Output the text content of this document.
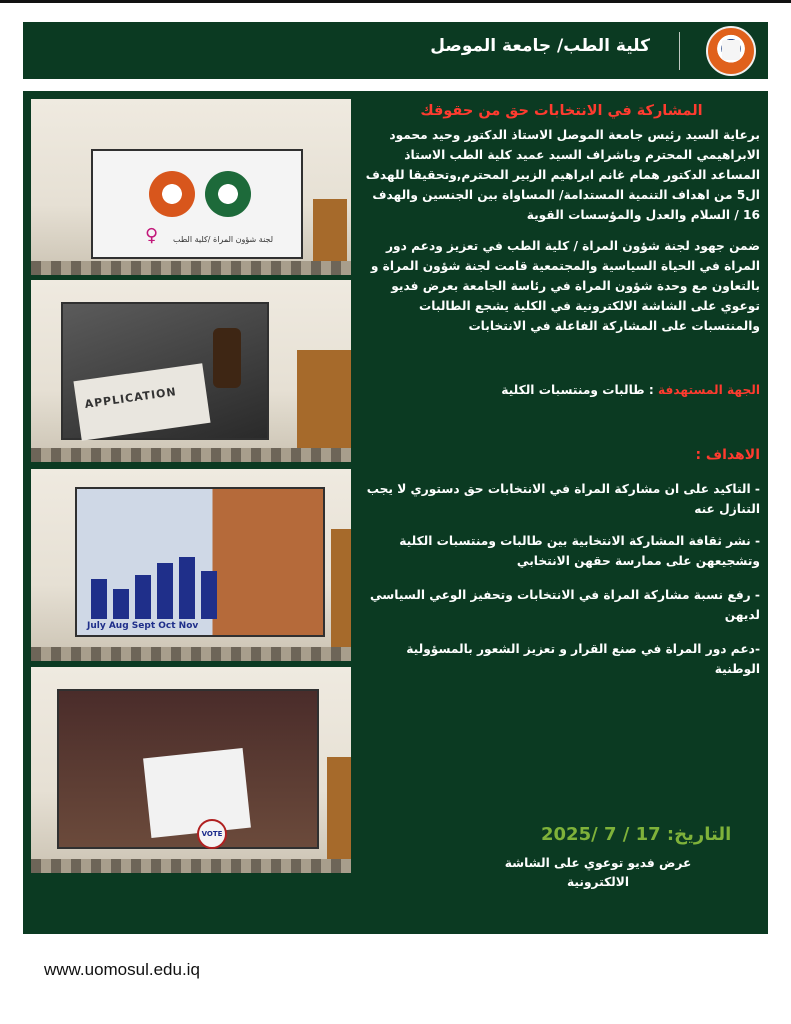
كلية الطب/ جامعة الموصل
♀ لجنة شؤون المراة /كلية الطب
APPLICATION
July Aug Sept Oct Nov
VOTE
المشاركة في الانتخابات حق من حقوقك
برعاية السيد رئيس جامعة الموصل الاستاذ الدكتور وحيد محمود الابراهيمي المحترم وباشراف السيد عميد كلية الطب الاستاذ المساعد الدكتور همام غانم ابراهيم الزبير المحترم,وتحقيقا للهدف ال5 من اهداف التنمية المستدامة/ المساواة بين الجنسين والهدف 16 / السلام والعدل والمؤسسات القوية
ضمن جهود لجنة شؤون المراة / كلية الطب في تعزيز ودعم دور المراة في الحياة السياسية والمجتمعية قامت لجنة شؤون المراة و بالتعاون مع وحدة شؤون المراة في رئاسة الجامعة بعرض فديو توعوي على الشاشة الالكترونية في الكلية يشجع الطالبات والمنتسبات على المشاركة الفاعلة في الانتخابات
الجهة المستهدفة : طالبات ومنتسبات الكلية
الاهداف :
- التاكيد على ان مشاركة المراة في الانتخابات حق دستوري لا يجب التنازل عنه
- نشر ثقافة المشاركة الانتخابية بين طالبات ومنتسبات الكلية وتشجيعهن على ممارسة حقهن الانتخابي
- رفع نسبة مشاركة المراة في الانتخابات وتحفيز الوعي السياسي لديهن
-دعم دور المراة في صنع القرار و تعزيز الشعور بالمسؤولية الوطنية
التاريخ: 17 / 7 /2025
عرض فديو توعوي على الشاشة الالكترونية
www.uomosul.edu.iq
